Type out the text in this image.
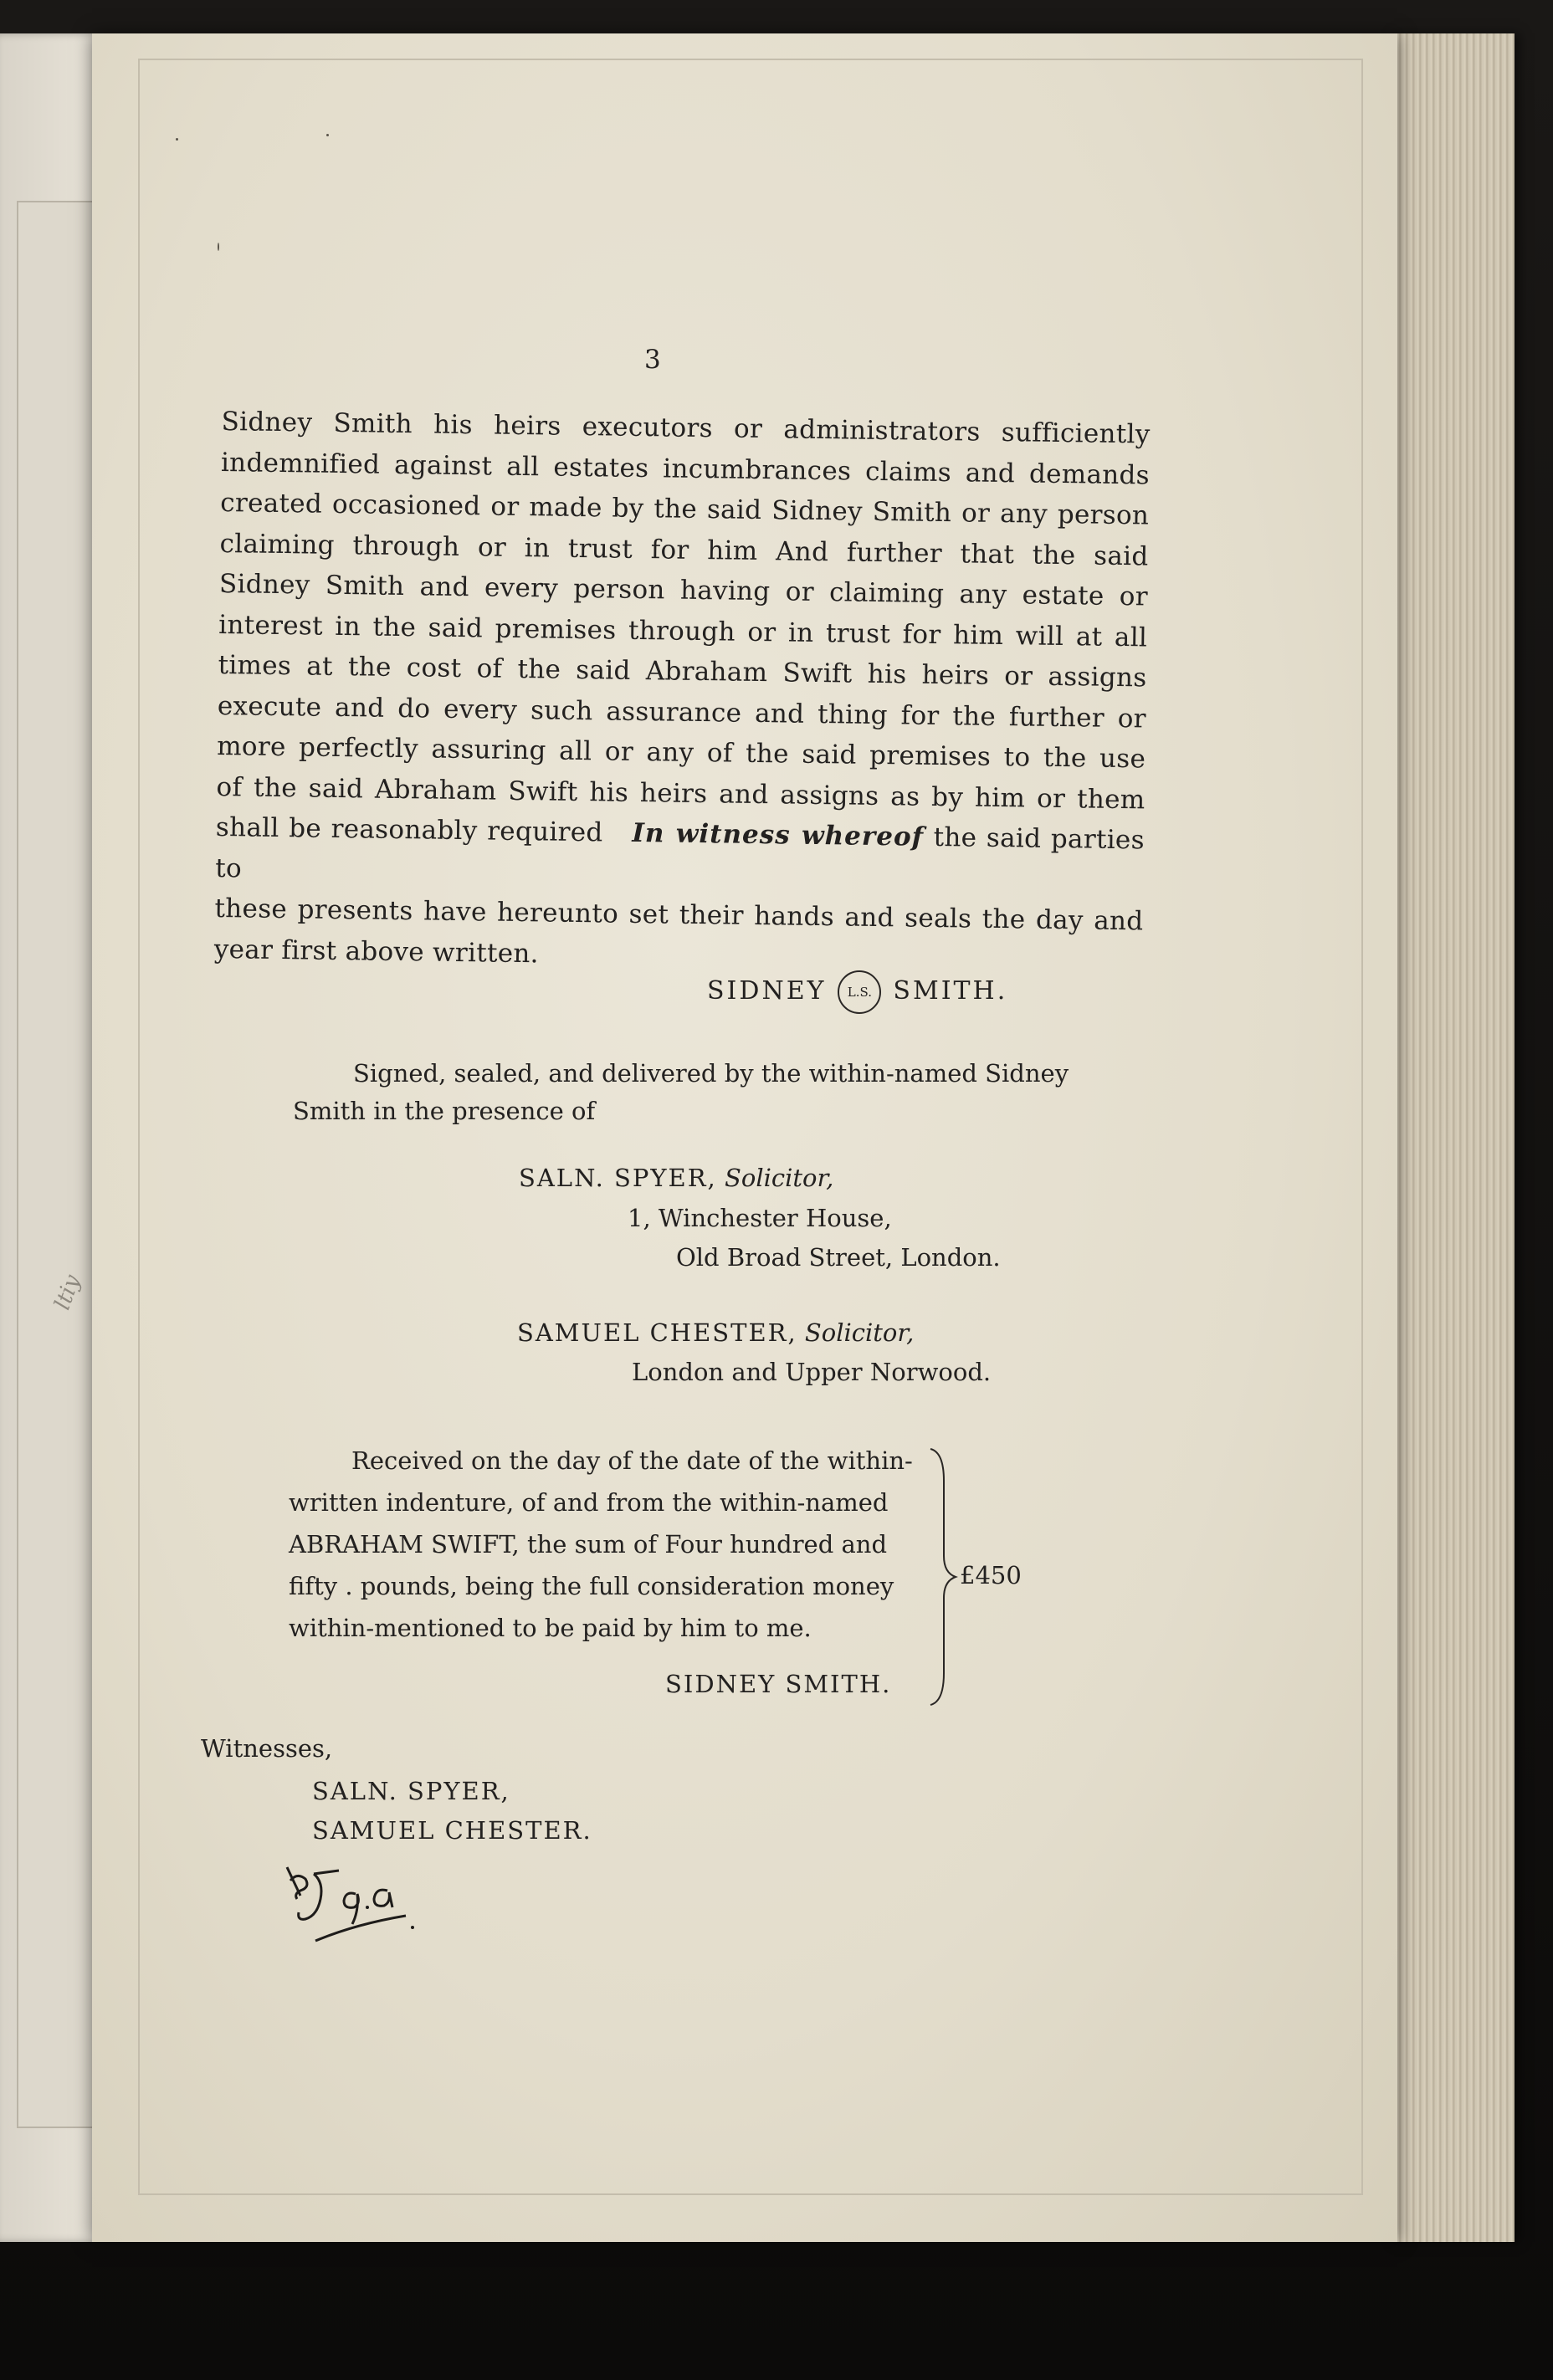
ltiy
3
Sidney Smith his heirs executors or administrators sufficiently
indemnified against all estates incumbrances claims and demands
created occasioned or made by the said Sidney Smith or any person
claiming through or in trust for him And further that the said
Sidney Smith and every person having or claiming any estate or
interest in the said premises through or in trust for him will at all
times at the cost of the said Abraham Swift his heirs or assigns
execute and do every such assurance and thing for the further or
more perfectly assuring all or any of the said premises to the use
of the said Abraham Swift his heirs and assigns as by him or them
shall be reasonably required In witness whereof the said parties to
these presents have hereunto set their hands and seals the day and
year first above written.
SIDNEY L.S. SMITH.
Signed, sealed, and delivered by the within-named Sidney
Smith in the presence of
SALN. SPYER, Solicitor,
1, Winchester House,
Old Broad Street, London.
SAMUEL CHESTER, Solicitor,
London and Upper Norwood.
Received on the day of the date of the within-
written indenture, of and from the within-named
ABRAHAM SWIFT, the sum of Four hundred and
fifty . pounds, being the full consideration money
within-mentioned to be paid by him to me.
SIDNEY SMITH.
£450
Witnesses,
SALN. SPYER,
SAMUEL CHESTER.
